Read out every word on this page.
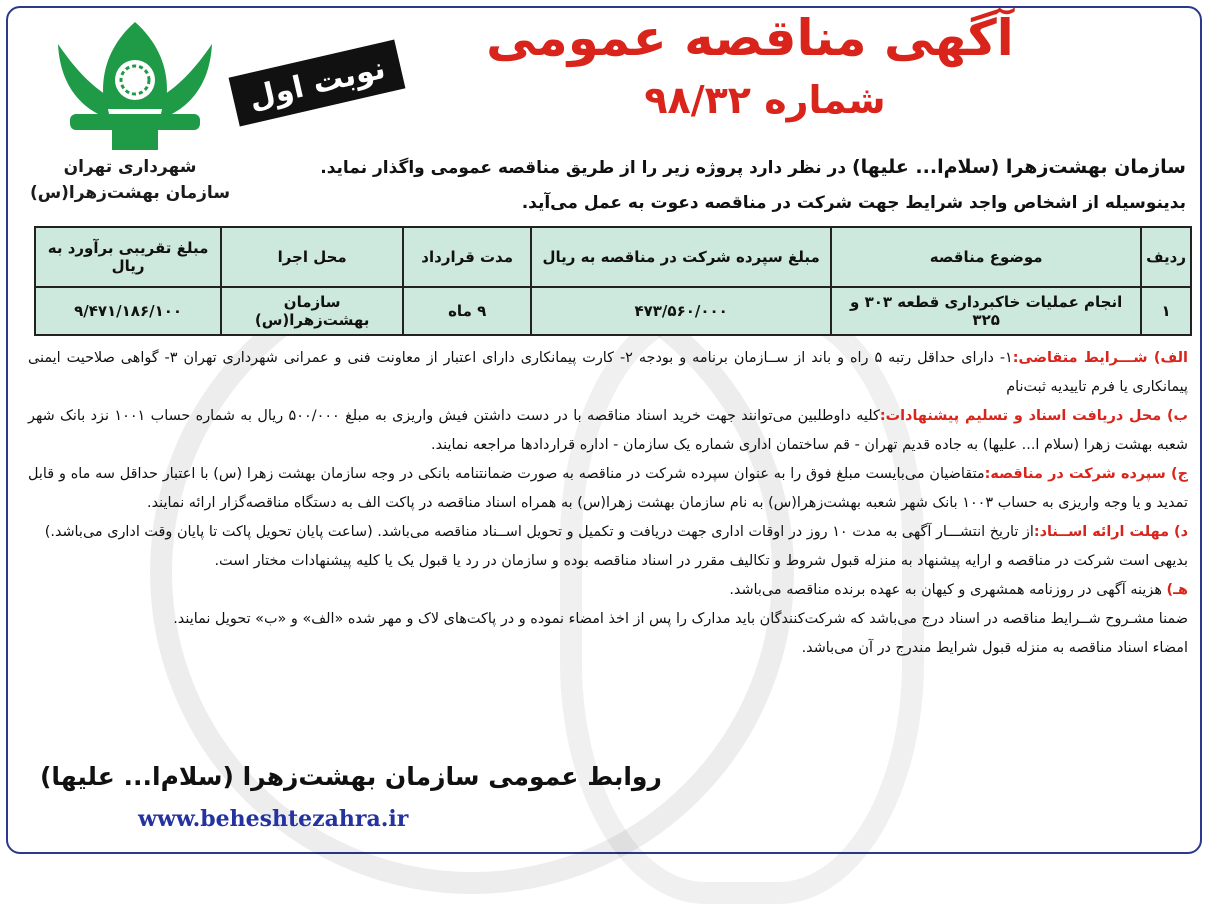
شهرداری تهران
سازمان بهشت‌زهرا(س)
نوبت اول
آگهی مناقصه عمومی
شماره ۹۸/۳۲
سازمان بهشت‌زهرا (سلام‌ا... علیها) در نظر دارد پروژه زیر را از طریق مناقصه عمومی واگذار نماید.
بدینوسیله از اشخاص واجد شرایط جهت شرکت در مناقصه دعوت به عمل می‌آید.
ردیف	موضوع مناقصه	مبلغ سپرده شرکت در مناقصه به ریال	مدت قرارداد	محل اجرا	مبلغ تقریبی برآورد به ریال
۱	انجام عملیات خاکبرداری قطعه ۳۰۳ و ۳۲۵	۴۷۳/۵۶۰/۰۰۰	۹ ماه	سازمان بهشت‌زهرا(س)	۹/۴۷۱/۱۸۶/۱۰۰

الف) شـــرایط متقاضی:۱- دارای حداقل رتبه ۵ راه و باند از ســازمان برنامه و بودجه ۲- کارت پیمانکاری دارای اعتبار از معاونت فنی و عمرانی شهرداری تهران ۳- گواهی صلاحیت ایمنی پیمانکاری یا فرم تاییدیه ثبت‌نام

ب) محل دریافت اسناد و تسلیم پیشنهادات:کلیه داوطلبین می‌توانند جهت خرید اسناد مناقصه با در دست داشتن فیش واریزی به مبلغ ۵۰۰/۰۰۰ ریال به شماره حساب ۱۰۰۱ نزد بانک شهر شعبه بهشت زهرا (سلام ا... علیها) به جاده قدیم تهران - قم ساختمان اداری شماره یک سازمان - اداره قراردادها مراجعه نمایند.

ج) سپرده شرکت در مناقصه:متقاضیان می‌بایست مبلغ فوق را به عنوان سپرده شرکت در مناقصه به صورت ضمانتنامه بانکی در وجه سازمان بهشت زهرا (س) با اعتبار حداقل سه ماه و قابل تمدید و یا وجه واریزی به حساب ۱۰۰۳ بانک شهر شعبه بهشت‌زهرا(س) به نام سازمان بهشت زهرا(س) به همراه اسناد مناقصه در پاکت الف به دستگاه مناقصه‌گزار ارائه نمایند.

د) مهلت ارائه اســناد:از تاریخ انتشـــار آگهی به مدت ۱۰ روز در اوقات اداری جهت دریافت و تکمیل و تحویل اســناد مناقصه می‌باشد. (ساعت پایان تحویل پاکت تا پایان وقت اداری می‌باشد.)

بدیهی است شرکت در مناقصه و ارایه پیشنهاد به منزله قبول شروط و تکالیف مقرر در اسناد مناقصه بوده و سازمان در رد یا قبول یک یا کلیه پیشنهادات مختار است.

هـ) هزینه آگهی در روزنامه همشهری و کیهان به عهده برنده مناقصه می‌باشد.

ضمنا مشـروح شــرایط مناقصه در اسناد درج می‌باشد که شرکت‌کنندگان باید مدارک را پس از اخذ امضاء نموده و در پاکت‌های لاک و مهر شده «الف» و «ب» تحویل نمایند.

امضاء اسناد مناقصه به منزله قبول شرایط مندرج در آن می‌باشد.

روابط عمومی سازمان بهشت‌زهرا (سلام‌ا... علیها)
www.beheshtezahra.ir
